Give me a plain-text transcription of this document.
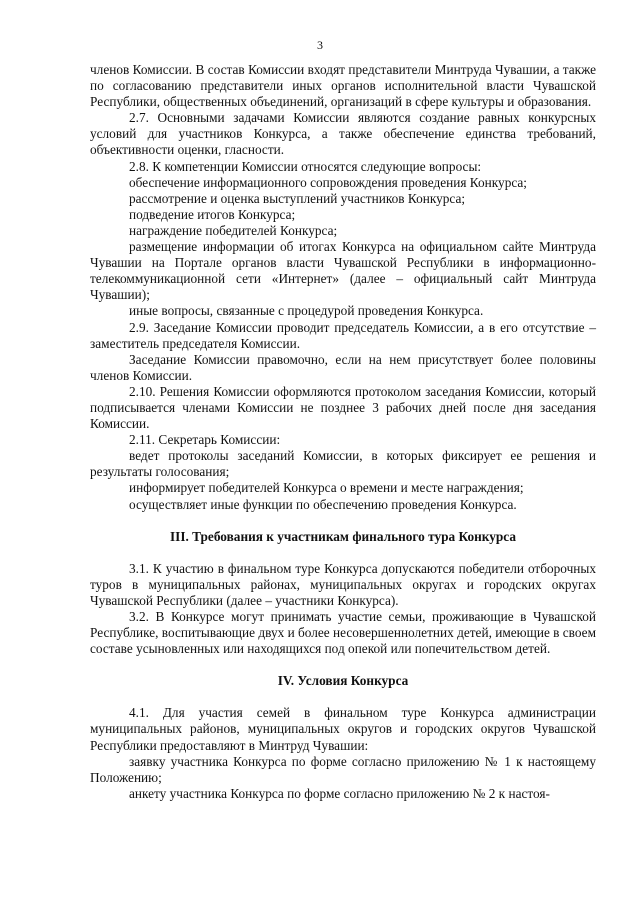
3

членов Комиссии. В состав Комиссии входят представители Минтруда Чувашии, а также по согласованию представители иных органов исполнительной власти Чувашской Республики, общественных объединений, организаций в сфере культуры и образования.

2.7. Основными задачами Комиссии являются создание равных конкурсных условий для участников Конкурса, а также обеспечение единства требований, объективности оценки, гласности.

2.8. К компетенции Комиссии относятся следующие вопросы:

обеспечение информационного сопровождения проведения Конкурса;

рассмотрение и оценка выступлений участников Конкурса;

подведение итогов Конкурса;

награждение победителей Конкурса;

размещение информации об итогах Конкурса на официальном сайте Минтруда Чувашии на Портале органов власти Чувашской Республики в информационно-телекоммуникационной сети «Интернет» (далее – официальный сайт Минтруда Чувашии);

иные вопросы, связанные с процедурой проведения Конкурса.

2.9. Заседание Комиссии проводит председатель Комиссии, а в его отсутствие – заместитель председателя Комиссии.

Заседание Комиссии правомочно, если на нем присутствует более половины членов Комиссии.

2.10. Решения Комиссии оформляются протоколом заседания Комиссии, который подписывается членами Комиссии не позднее 3 рабочих дней после дня заседания Комиссии.

2.11. Секретарь Комиссии:

ведет протоколы заседаний Комиссии, в которых фиксирует ее решения и результаты голосования;

информирует победителей Конкурса о времени и месте награждения;

осуществляет иные функции по обеспечению проведения Конкурса.

III. Требования к участникам финального тура Конкурса

3.1. К участию в финальном туре Конкурса допускаются победители отборочных туров в муниципальных районах, муниципальных округах и городских округах Чувашской Республики (далее – участники Конкурса).

3.2. В Конкурсе могут принимать участие семьи, проживающие в Чувашской Республике, воспитывающие двух и более несовершеннолетних детей, имеющие в своем составе усыновленных или находящихся под опекой или попечительством детей.

IV. Условия Конкурса

4.1. Для участия семей в финальном туре Конкурса администрации муниципальных районов, муниципальных округов и городских округов Чувашской Республики предоставляют в Минтруд Чувашии:

заявку участника Конкурса по форме согласно приложению № 1 к настоящему Положению;

анкету участника Конкурса по форме согласно приложению № 2 к настоя-
